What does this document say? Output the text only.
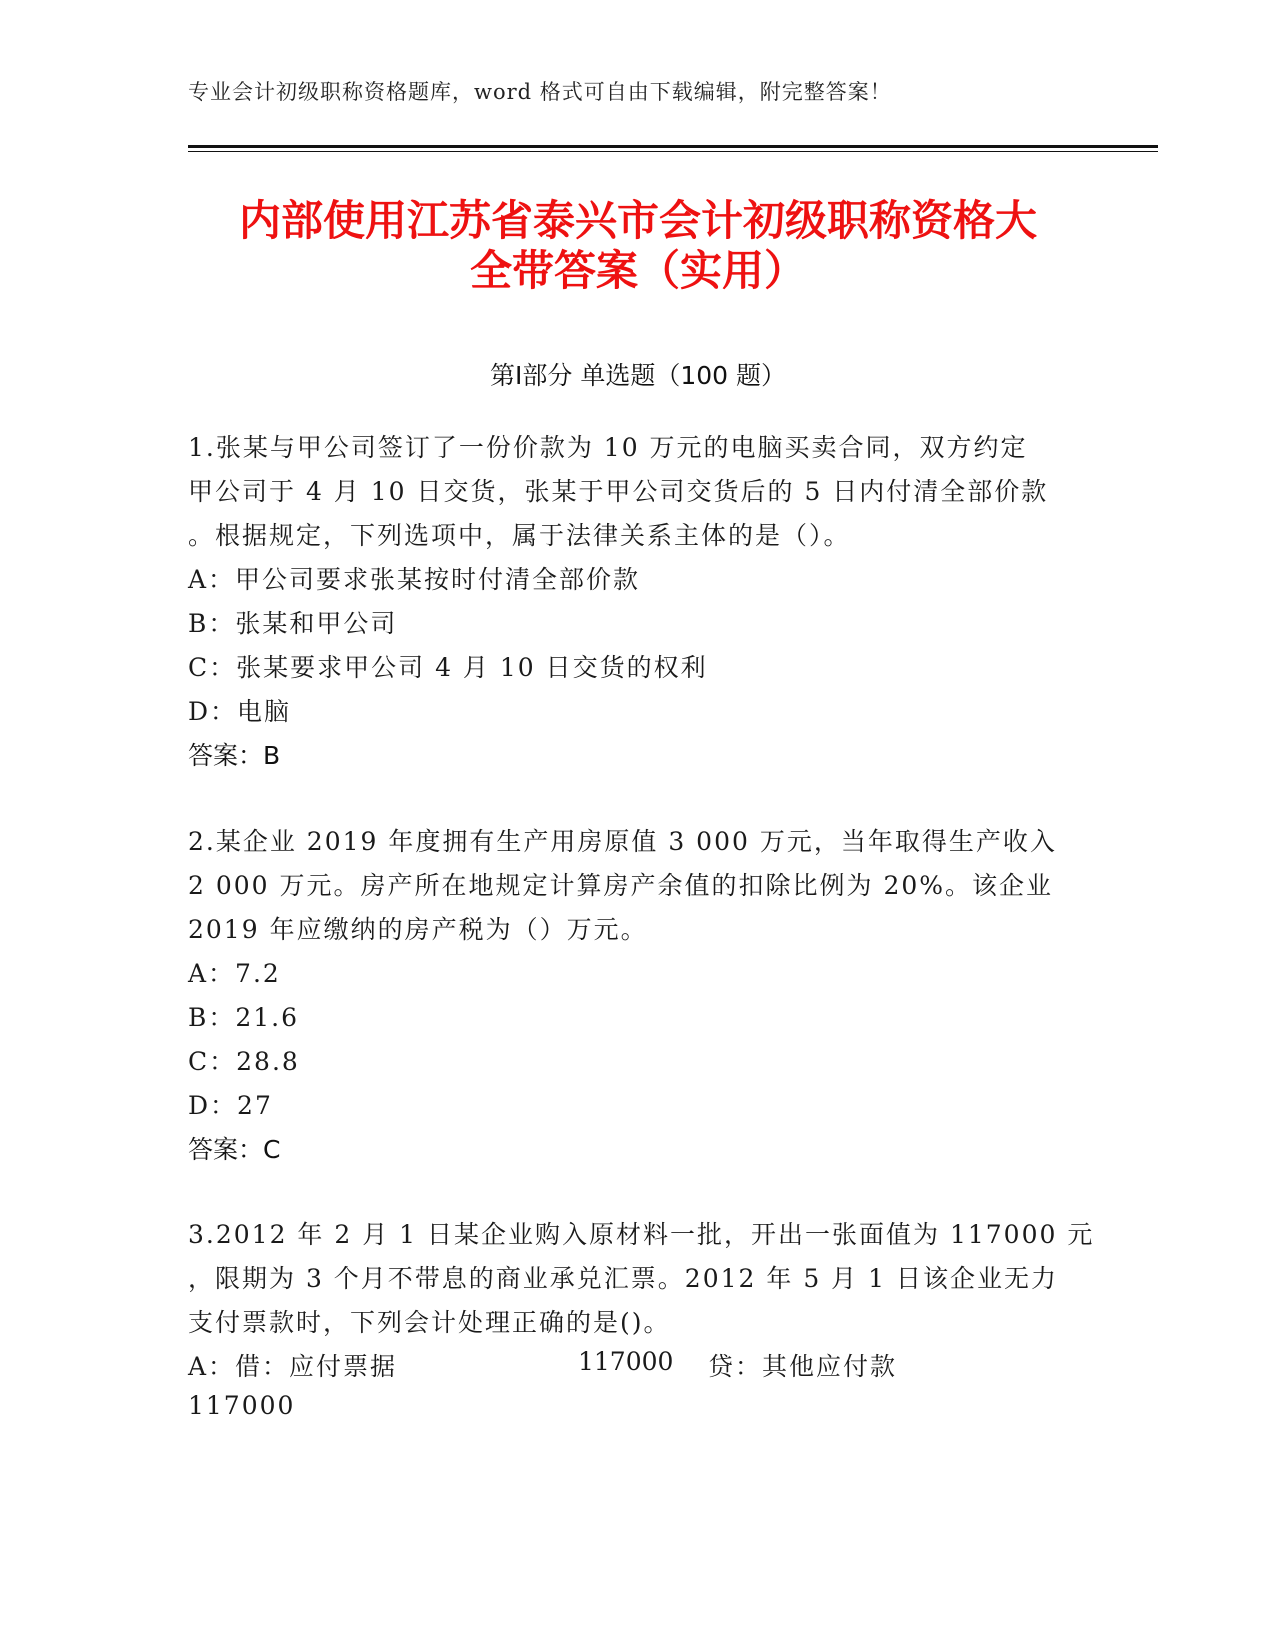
专业会计初级职称资格题库，word 格式可自由下载编辑，附完整答案！
内部使用江苏省泰兴市会计初级职称资格大
全带答案（实用）
第Ⅰ部分 单选题（100 题）
1.张某与甲公司签订了一份价款为 10 万元的电脑买卖合同，双方约定
甲公司于 4 月 10 日交货，张某于甲公司交货后的 5 日内付清全部价款
。根据规定，下列选项中，属于法律关系主体的是（）。
A：甲公司要求张某按时付清全部价款
B：张某和甲公司
C：张某要求甲公司 4 月 10 日交货的权利
D：电脑
答案：B
2.某企业 2019 年度拥有生产用房原值 3 000 万元，当年取得生产收入
2 000 万元。房产所在地规定计算房产余值的扣除比例为 20%。该企业
2019 年应缴纳的房产税为（）万元。
A：7.2
B：21.6
C：28.8
D：27
答案：C
3.2012 年 2 月 1 日某企业购入原材料一批，开出一张面值为 117000 元
，限期为 3 个月不带息的商业承兑汇票。2012 年 5 月 1 日该企业无力
支付票款时，下列会计处理正确的是()。
A：借：应付票据	117000 贷：其他应付款
117000
